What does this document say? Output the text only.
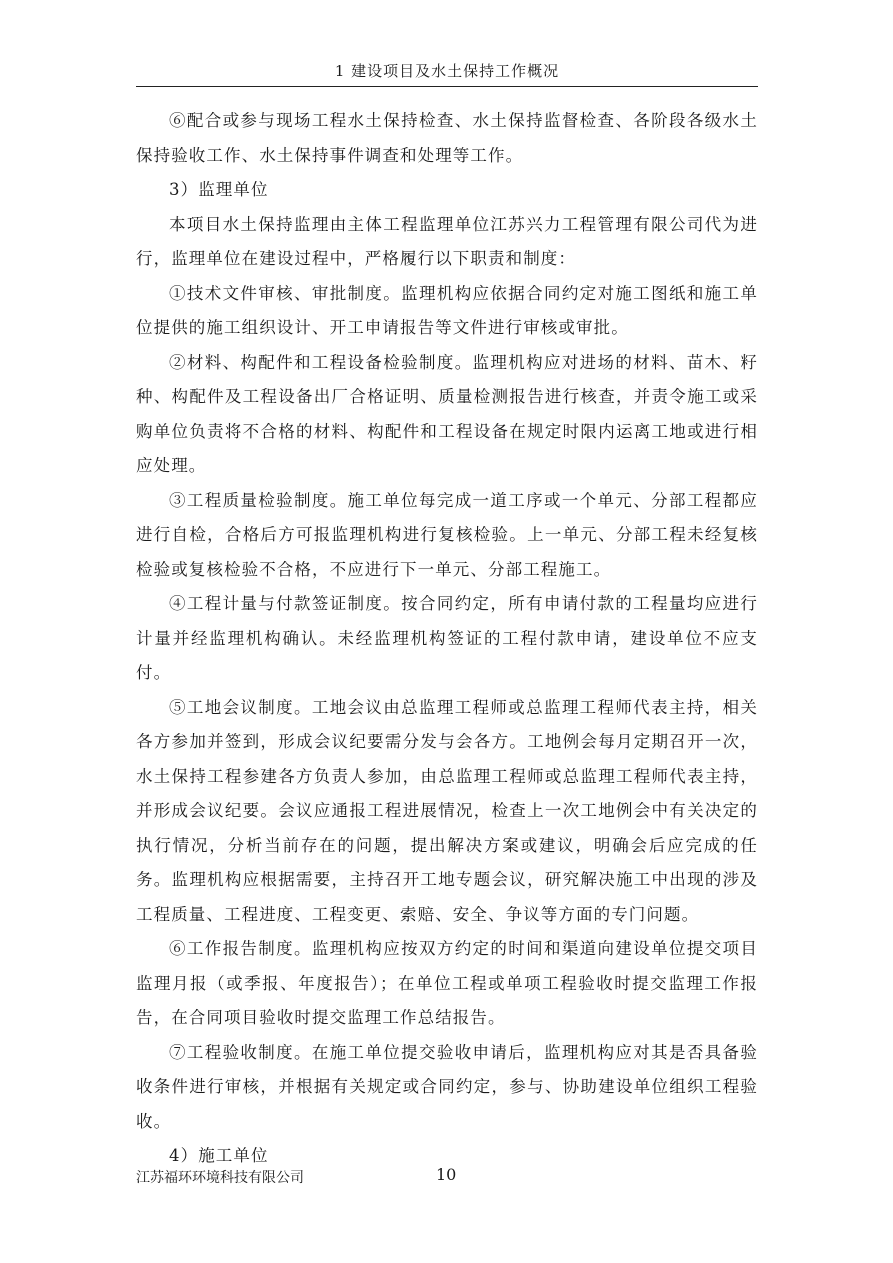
1 建设项目及水土保持工作概况

⑥配合或参与现场工程水土保持检查、水土保持监督检查、各阶段各级水土保持验收工作、水土保持事件调查和处理等工作。

3）监理单位

本项目水土保持监理由主体工程监理单位江苏兴力工程管理有限公司代为进行，监理单位在建设过程中，严格履行以下职责和制度：

①技术文件审核、审批制度。监理机构应依据合同约定对施工图纸和施工单位提供的施工组织设计、开工申请报告等文件进行审核或审批。

②材料、构配件和工程设备检验制度。监理机构应对进场的材料、苗木、籽种、构配件及工程设备出厂合格证明、质量检测报告进行核查，并责令施工或采购单位负责将不合格的材料、构配件和工程设备在规定时限内运离工地或进行相应处理。

③工程质量检验制度。施工单位每完成一道工序或一个单元、分部工程都应进行自检，合格后方可报监理机构进行复核检验。上一单元、分部工程未经复核检验或复核检验不合格，不应进行下一单元、分部工程施工。

④工程计量与付款签证制度。按合同约定，所有申请付款的工程量均应进行计量并经监理机构确认。未经监理机构签证的工程付款申请，建设单位不应支付。

⑤工地会议制度。工地会议由总监理工程师或总监理工程师代表主持，相关各方参加并签到，形成会议纪要需分发与会各方。工地例会每月定期召开一次，水土保持工程参建各方负责人参加，由总监理工程师或总监理工程师代表主持，并形成会议纪要。会议应通报工程进展情况，检查上一次工地例会中有关决定的执行情况，分析当前存在的问题，提出解决方案或建议，明确会后应完成的任务。监理机构应根据需要，主持召开工地专题会议，研究解决施工中出现的涉及工程质量、工程进度、工程变更、索赔、安全、争议等方面的专门问题。

⑥工作报告制度。监理机构应按双方约定的时间和渠道向建设单位提交项目监理月报（或季报、年度报告）；在单位工程或单项工程验收时提交监理工作报告，在合同项目验收时提交监理工作总结报告。

⑦工程验收制度。在施工单位提交验收申请后，监理机构应对其是否具备验收条件进行审核，并根据有关规定或合同约定，参与、协助建设单位组织工程验收。

4）施工单位

江苏福环环境科技有限公司	10
